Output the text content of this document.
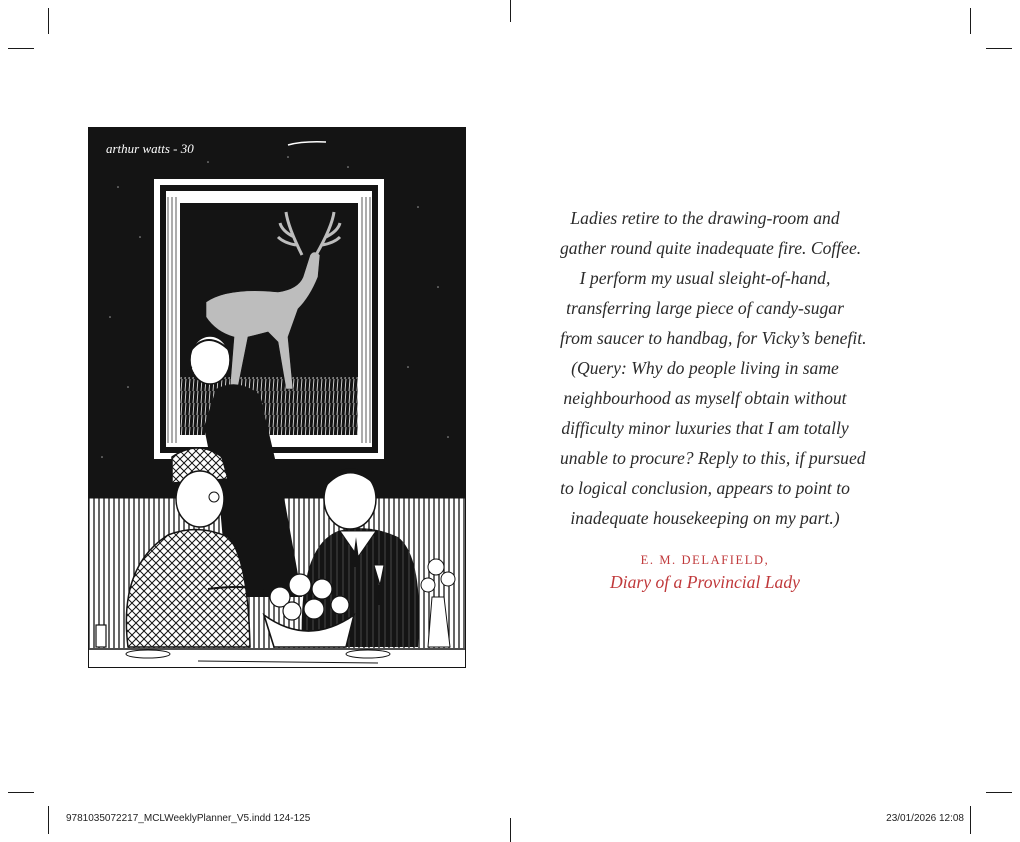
arthur watts - 30
Ladies retire to the drawing-room and
gather round quite inadequate fire. Coffee.
I perform my usual sleight-of-hand,
transferring large piece of candy-sugar
from saucer to handbag, for Vicky’s benefit.
(Query: Why do people living in same
neighbourhood as myself obtain without
difficulty minor luxuries that I am totally
unable to procure? Reply to this, if pursued
to logical conclusion, appears to point to
inadequate housekeeping on my part.)
E. M. DELAFIELD,
Diary of a Provincial Lady
9781035072217_MCLWeeklyPlanner_V5.indd 124-125	23/01/2026 12:08
